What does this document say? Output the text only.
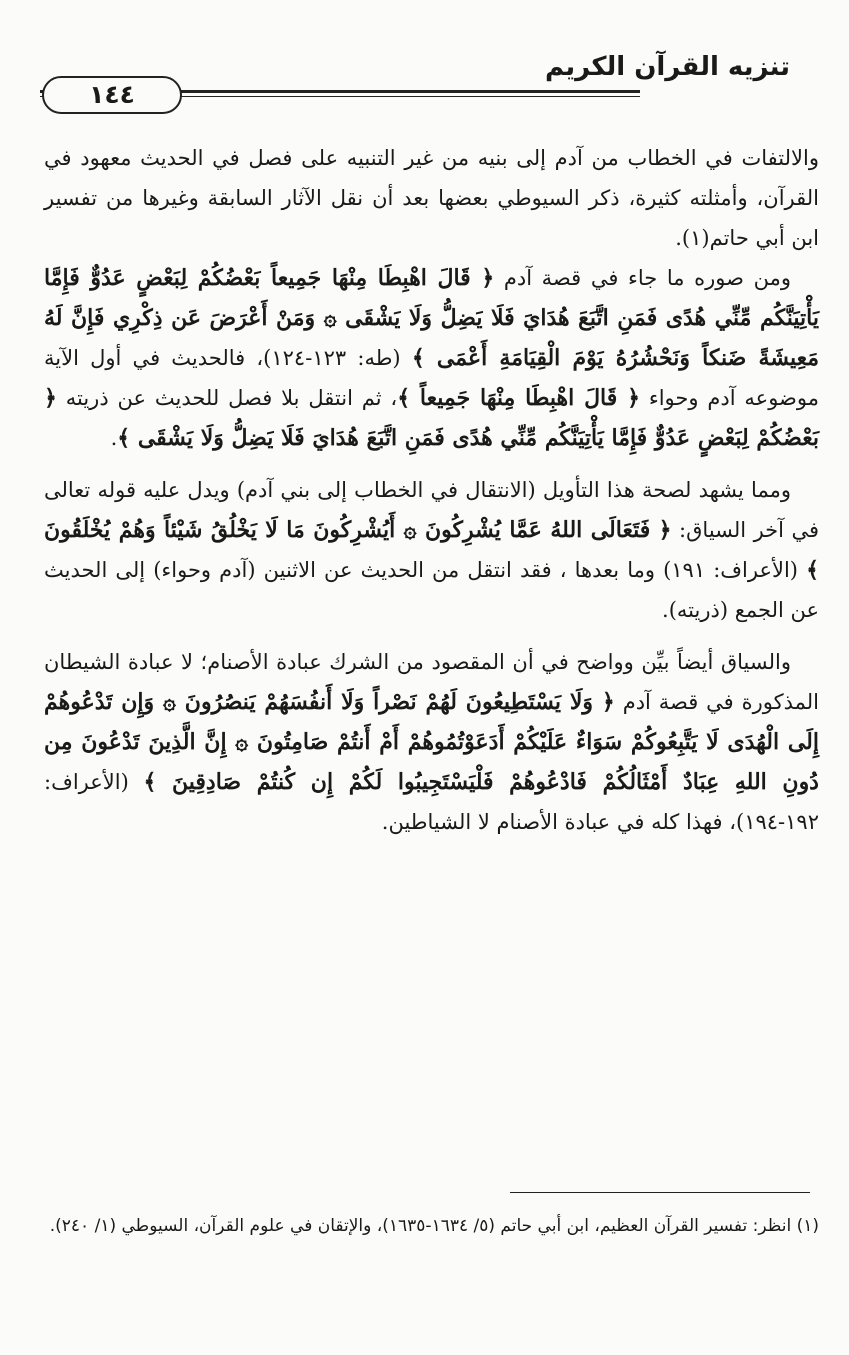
تنزيه القرآن الكريم
١٤٤

والالتفات في الخطاب من آدم إلى بنيه من غير التنبيه على فصل في الحديث معهود في القرآن، وأمثلته كثيرة، ذكر السيوطي بعضها بعد أن نقل الآثار السابقة وغيرها من تفسير ابن أبي حاتم(١).

ومن صوره ما جاء في قصة آدم ﴿ قَالَ اهْبِطَا مِنْهَا جَمِيعاً بَعْضُكُمْ لِبَعْضٍ عَدُوٌّ فَإِمَّا يَأْتِيَنَّكُم مِّنِّي هُدًى فَمَنِ اتَّبَعَ هُدَايَ فَلَا يَضِلُّ وَلَا يَشْقَى ۞ وَمَنْ أَعْرَضَ عَن ذِكْرِي فَإِنَّ لَهُ مَعِيشَةً ضَنكاً وَنَحْشُرُهُ يَوْمَ الْقِيَامَةِ أَعْمَى ﴾ (طه: ١٢٣-١٢٤)، فالحديث في أول الآية موضوعه آدم وحواء ﴿ قَالَ اهْبِطَا مِنْهَا جَمِيعاً ﴾، ثم انتقل بلا فصل للحديث عن ذريته ﴿ بَعْضُكُمْ لِبَعْضٍ عَدُوٌّ فَإِمَّا يَأْتِيَنَّكُم مِّنِّي هُدًى فَمَنِ اتَّبَعَ هُدَايَ فَلَا يَضِلُّ وَلَا يَشْقَى ﴾.

ومما يشهد لصحة هذا التأويل (الانتقال في الخطاب إلى بني آدم) ويدل عليه قوله تعالى في آخر السياق: ﴿ فَتَعَالَى اللهُ عَمَّا يُشْرِكُونَ ۞ أَيُشْرِكُونَ مَا لَا يَخْلُقُ شَيْئاً وَهُمْ يُخْلَقُونَ ﴾ (الأعراف: ١٩١) وما بعدها ، فقد انتقل من الحديث عن الاثنين (آدم وحواء) إلى الحديث عن الجمع (ذريته).

والسياق أيضاً بيِّن وواضح في أن المقصود من الشرك عبادة الأصنام؛ لا عبادة الشيطان المذكورة في قصة آدم ﴿ وَلَا يَسْتَطِيعُونَ لَهُمْ نَصْراً وَلَا أَنفُسَهُمْ يَنصُرُونَ ۞ وَإِن تَدْعُوهُمْ إِلَى الْهُدَى لَا يَتَّبِعُوكُمْ سَوَاءٌ عَلَيْكُمْ أَدَعَوْتُمُوهُمْ أَمْ أَنتُمْ صَامِتُونَ ۞ إِنَّ الَّذِينَ تَدْعُونَ مِن دُونِ اللهِ عِبَادٌ أَمْثَالُكُمْ فَادْعُوهُمْ فَلْيَسْتَجِيبُوا لَكُمْ إِن كُنتُمْ صَادِقِينَ ﴾ (الأعراف: ١٩٢-١٩٤)، فهذا كله في عبادة الأصنام لا الشياطين.

(١) انظر: تفسير القرآن العظيم، ابن أبي حاتم (٥/ ١٦٣٤-١٦٣٥)، والإتقان في علوم القرآن، السيوطي (١/ ٢٤٠).
